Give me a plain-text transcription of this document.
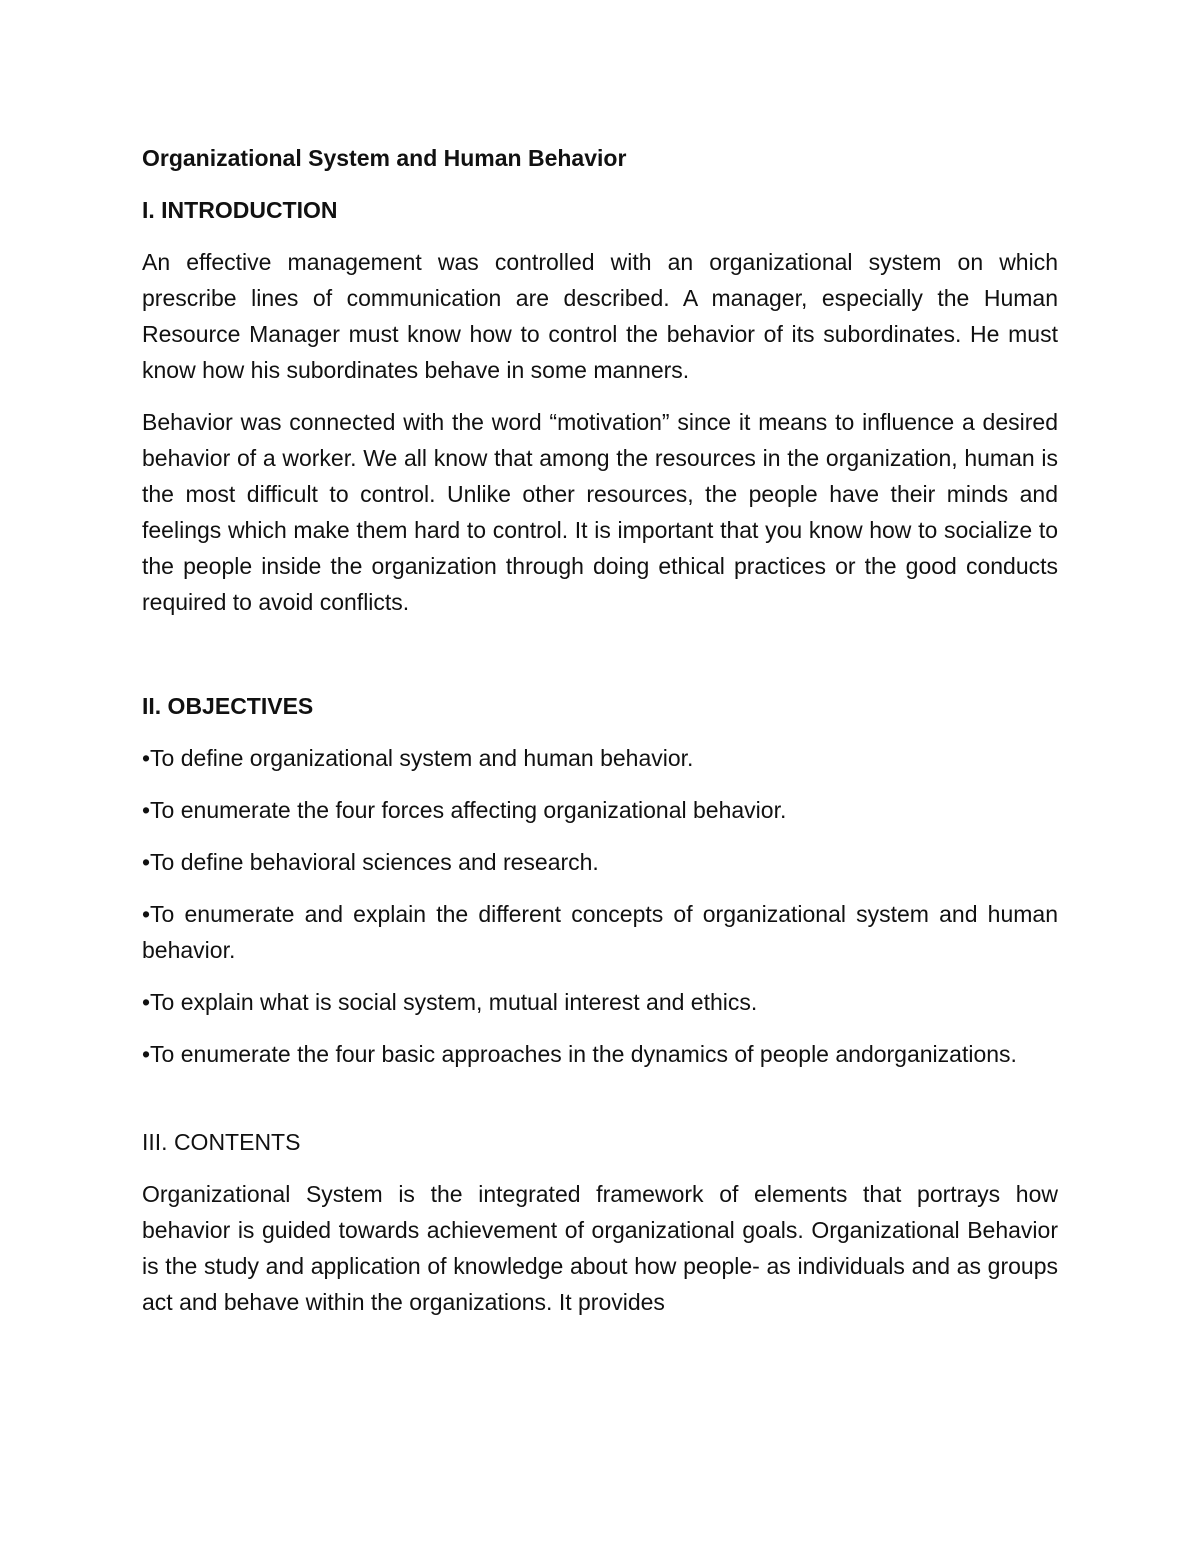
Organizational System and Human Behavior
I. INTRODUCTION

An effective management was controlled with an organizational system on which prescribe lines of communication are described. A manager, especially the Human Resource Manager must know how to control the behavior of its subordinates. He must know how his subordinates behave in some manners.

Behavior was connected with the word “motivation” since it means to influence a desired behavior of a worker. We all know that among the resources in the organization, human is the most difficult to control. Unlike other resources, the people have their minds and feelings which make them hard to control. It is important that you know how to socialize to the people inside the organization through doing ethical practices or the good conducts required to avoid conflicts.

II. OBJECTIVES

•To define organizational system and human behavior.

•To enumerate the four forces affecting organizational behavior.

•To define behavioral sciences and research.

•To enumerate and explain the different concepts of organizational system and human behavior.

•To explain what is social system, mutual interest and ethics.

•To enumerate the four basic approaches in the dynamics of people andorganizations.

III. CONTENTS

Organizational System is the integrated framework of elements that portrays how behavior is guided towards achievement of organizational goals. Organizational Behavior is the study and application of knowledge about how people- as individuals and as groups act and behave within the organizations. It provides
